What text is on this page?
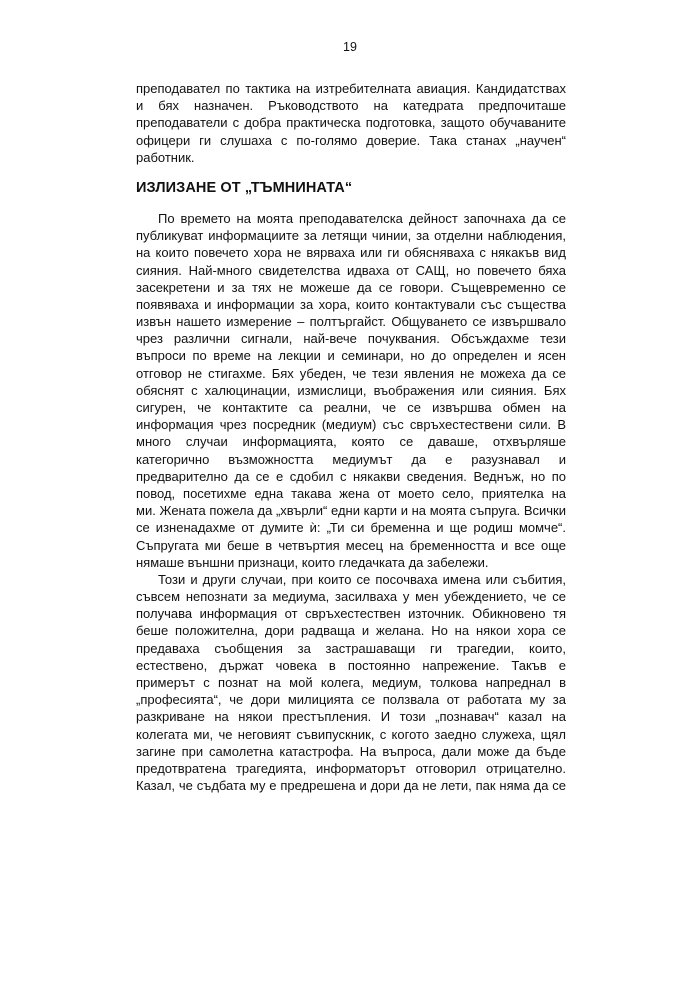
19
преподавател по тактика на изтребителната авиация. Кандидатствах
и бях назначен. Ръководството на катедрата предпочиташе
преподаватели с добра практическа подготовка, защото обучаваните
офицери ги слушаха с по-голямо доверие. Така станах „научен“
работник.
ИЗЛИЗАНЕ ОТ „ТЪМНИНАТА“
По времето на моята преподавателска дейност започнаха да се
публикуват информациите за летящи чинии, за отделни наблюдения,
на които повечето хора не вярваха или ги обясняваха с някакъв вид
сияния. Най-много свидетелства идваха от САЩ, но повечето бяха
засекретени и за тях не можеше да се говори. Същевременно се
появяваха и информации за хора, които контактували със същества
извън нашето измерение – полтъргайст. Общуването се извършвало
чрез различни сигнали, най-вече почуквания. Обсъждахме тези
въпроси по време на лекции и семинари, но до определен и ясен
отговор не стигахме. Бях убеден, че тези явления не можеха да се
обяснят с халюцинации, измислици, въображения или сияния. Бях
сигурен, че контактите са реални, че се извършва обмен на
информация чрез посредник (медиум) със свръхестествени сили. В
много случаи информацията, която се даваше, отхвърляше
категорично възможността медиумът да е разузнавал и
предварително да се е сдобил с някакви сведения. Веднъж, но по
повод, посетихме една такава жена от моето село, приятелка на
ми. Жената пожела да „хвърли“ едни карти и на моята съпруга. Всички
се изненадахме от думите ѝ: „Ти си бременна и ще родиш момче“.
Съпругата ми беше в четвъртия месец на бременността и все още
нямаше външни признаци, които гледачката да забележи.
Този и други случаи, при които се посочваха имена или събития,
съвсем непознати за медиума, засилваха у мен убеждението, че се
получава информация от свръхестествен източник. Обикновено тя
беше положителна, дори радваща и желана. Но на някои хора се
предаваха съобщения за застрашаващи ги трагедии, които,
естествено, държат човека в постоянно напрежение. Такъв е
примерът с познат на мой колега, медиум, толкова напреднал в
„професията“, че дори милицията се ползвала от работата му за
разкриване на някои престъпления. И този „познавач“ казал на
колегата ми, че неговият съвипускник, с когото заедно служеха, щял
загине при самолетна катастрофа. На въпроса, дали може да бъде
предотвратена трагедията, информаторът отговорил отрицателно.
Казал, че съдбата му е предрешена и дори да не лети, пак няма да се
